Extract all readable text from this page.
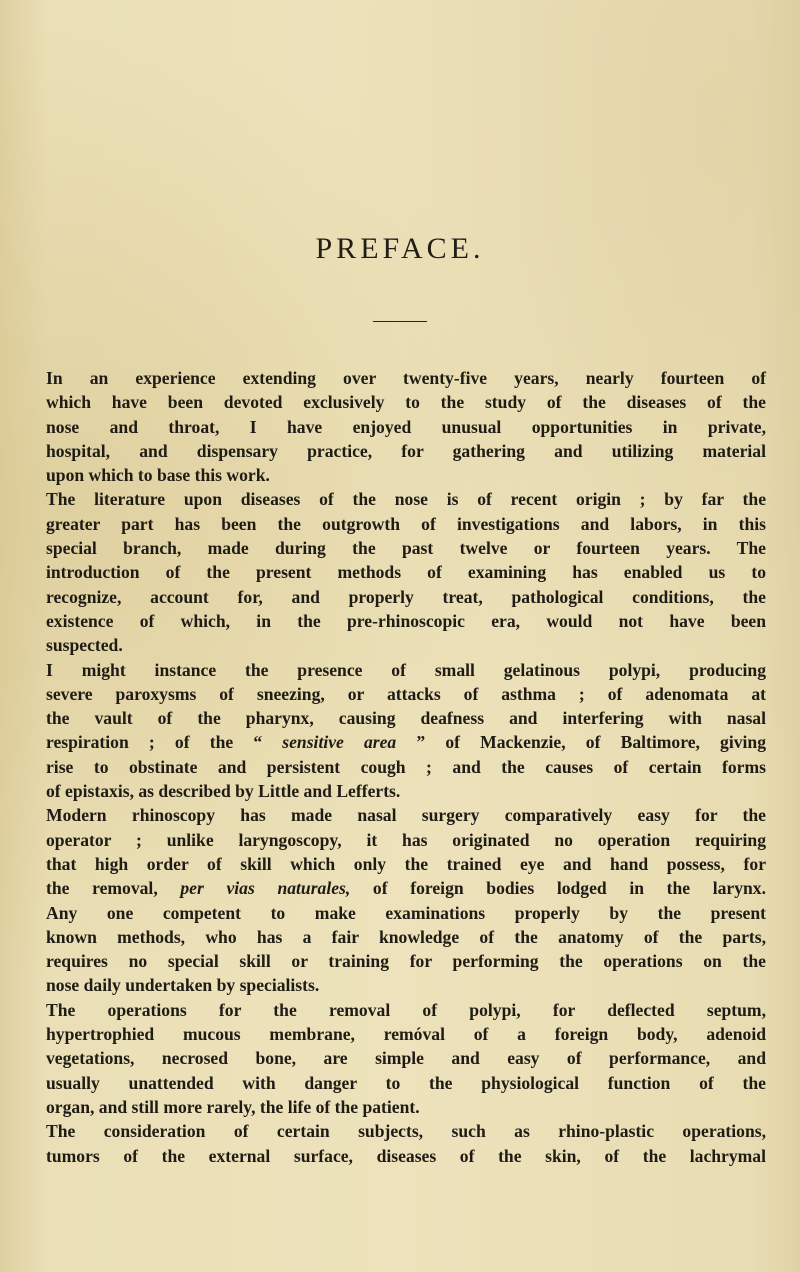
PREFACE.
In an experience extending over twenty-five years, nearly fourteen of
which have been devoted exclusively to the study of the diseases of the
nose and throat, I have enjoyed unusual opportunities in private,
hospital, and dispensary practice, for gathering and utilizing material
upon which to base this work.
The literature upon diseases of the nose is of recent origin ; by far the
greater part has been the outgrowth of investigations and labors, in this
special branch, made during the past twelve or fourteen years. The
introduction of the present methods of examining has enabled us to
recognize, account for, and properly treat, pathological conditions, the
existence of which, in the pre-rhinoscopic era, would not have been
suspected.
I might instance the presence of small gelatinous polypi, producing
severe paroxysms of sneezing, or attacks of asthma ; of adenomata at
the vault of the pharynx, causing deafness and interfering with nasal
respiration ; of the “ sensitive area ” of Mackenzie, of Baltimore, giving
rise to obstinate and persistent cough ; and the causes of certain forms
of epistaxis, as described by Little and Lefferts.
Modern rhinoscopy has made nasal surgery comparatively easy for the
operator ; unlike laryngoscopy, it has originated no operation requiring
that high order of skill which only the trained eye and hand possess, for
the removal, per vias naturales, of foreign bodies lodged in the larynx.
Any one competent to make examinations properly by the present
known methods, who has a fair knowledge of the anatomy of the parts,
requires no special skill or training for performing the operations on the
nose daily undertaken by specialists.
The operations for the removal of polypi, for deflected septum,
hypertrophied mucous membrane, remóval of a foreign body, adenoid
vegetations, necrosed bone, are simple and easy of performance, and
usually unattended with danger to the physiological function of the
organ, and still more rarely, the life of the patient.
The consideration of certain subjects, such as rhino-plastic operations,
tumors of the external surface, diseases of the skin, of the lachrymal
